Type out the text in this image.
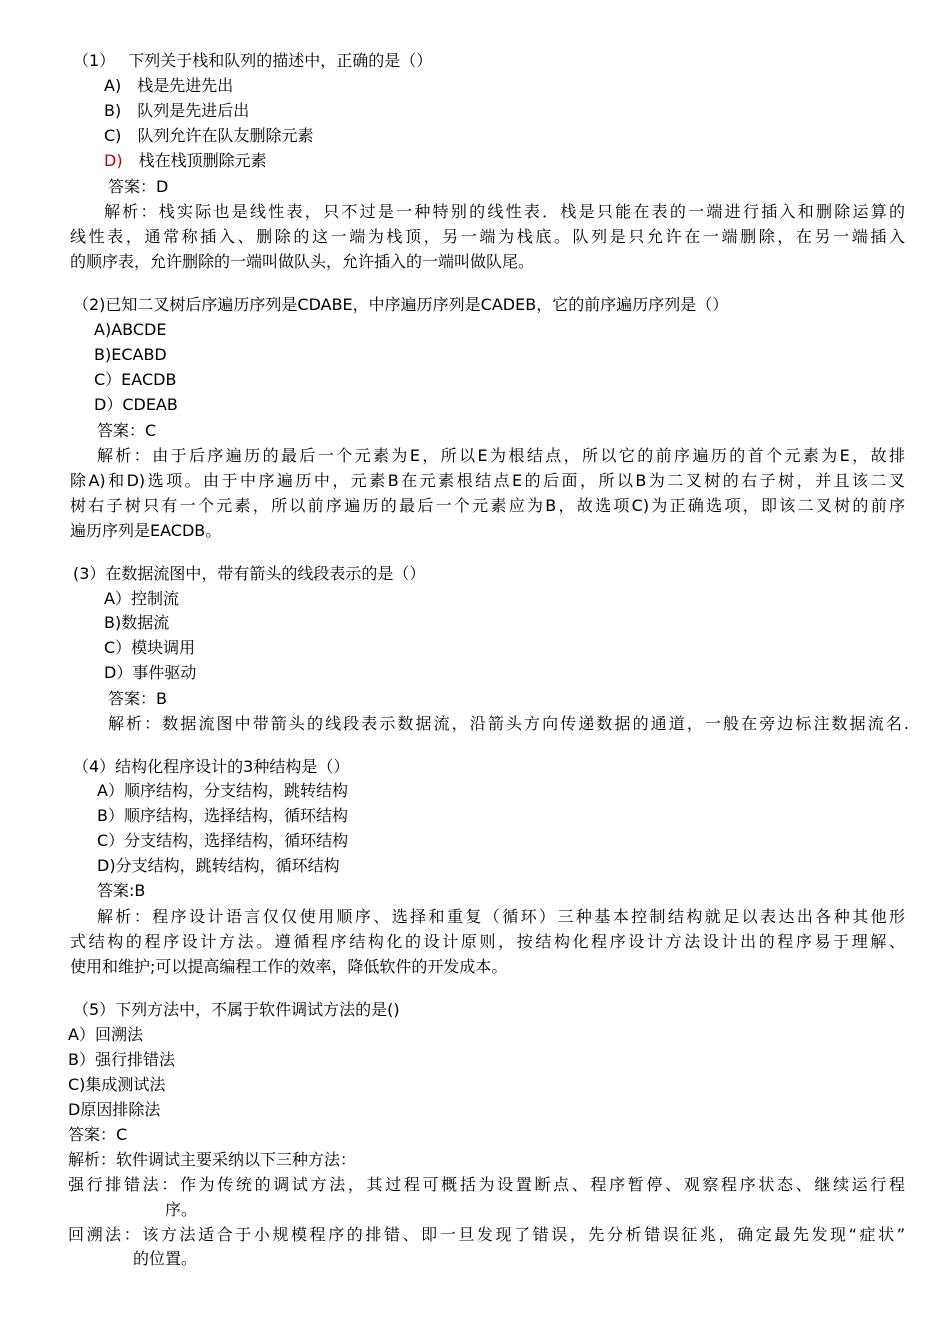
（1）　 下列关于栈和队列的描述中，正确的是（）
A)　 栈是先进先出
B)　 队列是先进后出
C)　 队列允许在队友删除元素
D)　 栈在栈顶删除元素
答案：D
解析：栈实际也是线性表，只不过是一种特别的线性表．栈是只能在表的一端进行插入和删除运算的
线性表，通常称插入、删除的这一端为栈顶，另一端为栈底。队列是只允许在一端删除，在另一端插入
的顺序表，允许删除的一端叫做队头，允许插入的一端叫做队尾。
（2)已知二叉树后序遍历序列是CDABE，中序遍历序列是CADEB，它的前序遍历序列是（）
A)ABCDE
B)ECABD
C）EACDB
D）CDEAB
答案：C
解析：由于后序遍历的最后一个元素为E，所以E为根结点，所以它的前序遍历的首个元素为E，故排
除A)和D)选项。由于中序遍历中，元素B在元素根结点E的后面，所以B为二叉树的右子树，并且该二叉
树右子树只有一个元素，所以前序遍历的最后一个元素应为B，故选项C)为正确选项，即该二叉树的前序
遍历序列是EACDB。
(3）在数据流图中，带有箭头的线段表示的是（）
A）控制流
B)数据流
C）模块调用
D）事件驱动
答案：B
解析：数据流图中带箭头的线段表示数据流，沿箭头方向传递数据的通道，一般在旁边标注数据流名.
（4）结构化程序设计的3种结构是（）
A）顺序结构，分支结构，跳转结构
B）顺序结构，选择结构，循环结构
C）分支结构，选择结构，循环结构
D)分支结构，跳转结构，循环结构
答案:B
解析：程序设计语言仅仅使用顺序、选择和重复（循环）三种基本控制结构就足以表达出各种其他形
式结构的程序设计方法。遵循程序结构化的设计原则，按结构化程序设计方法设计出的程序易于理解、
使用和维护;可以提高编程工作的效率，降低软件的开发成本。
（5）下列方法中，不属于软件调试方法的是()
A）回溯法
B）强行排错法
C)集成测试法
D原因排除法
答案：C
解析：软件调试主要采纳以下三种方法：
强行排错法：作为传统的调试方法，其过程可概括为设置断点、程序暂停、观察程序状态、继续运行程
序。
回溯法：该方法适合于小规模程序的排错、即一旦发现了错误，先分析错误征兆，确定最先发现“症状”
的位置。
